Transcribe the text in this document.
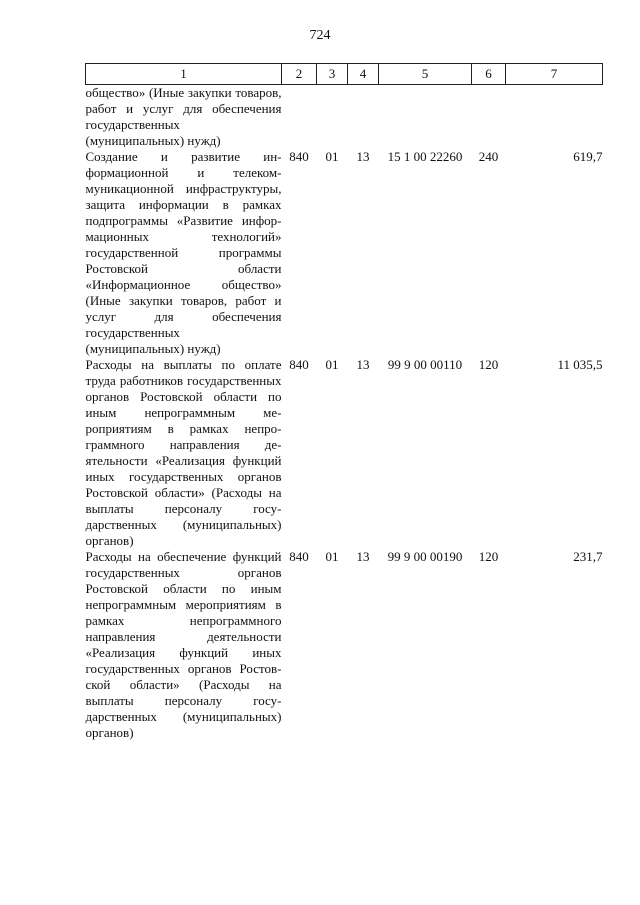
724
1	2	3	4	5	6	7
общество» (Иные закупки товаров, работ и услуг для обеспечения государственных (муниципальных) нужд)						
Создание и развитие информационной и телекоммуникационной инфраструктуры, защита информации в рамках подпрограммы «Развитие информационных технологий» государственной программы Ростовской области «Информационное общество» (Иные закупки товаров, работ и услуг для обеспечения государственных (муниципальных) нужд)	840	01	13	15 1 00 22260	240	619,7
Расходы на выплаты по оплате труда работников государственных органов Ростовской области по иным непрограммным мероприятиям в рамках непрограммного направления деятельности «Реализация функций иных государственных органов Ростовской области» (Расходы на выплаты персоналу государственных (муниципальных) органов)	840	01	13	99 9 00 00110	120	11 035,5
Расходы на обеспечение функций государственных органов Ростовской области по иным непрограммным мероприятиям в рамках непрограммного направления деятельности «Реализация функций иных государственных органов Ростовской области» (Расходы на выплаты персоналу государственных (муниципальных) органов)	840	01	13	99 9 00 00190	120	231,7
